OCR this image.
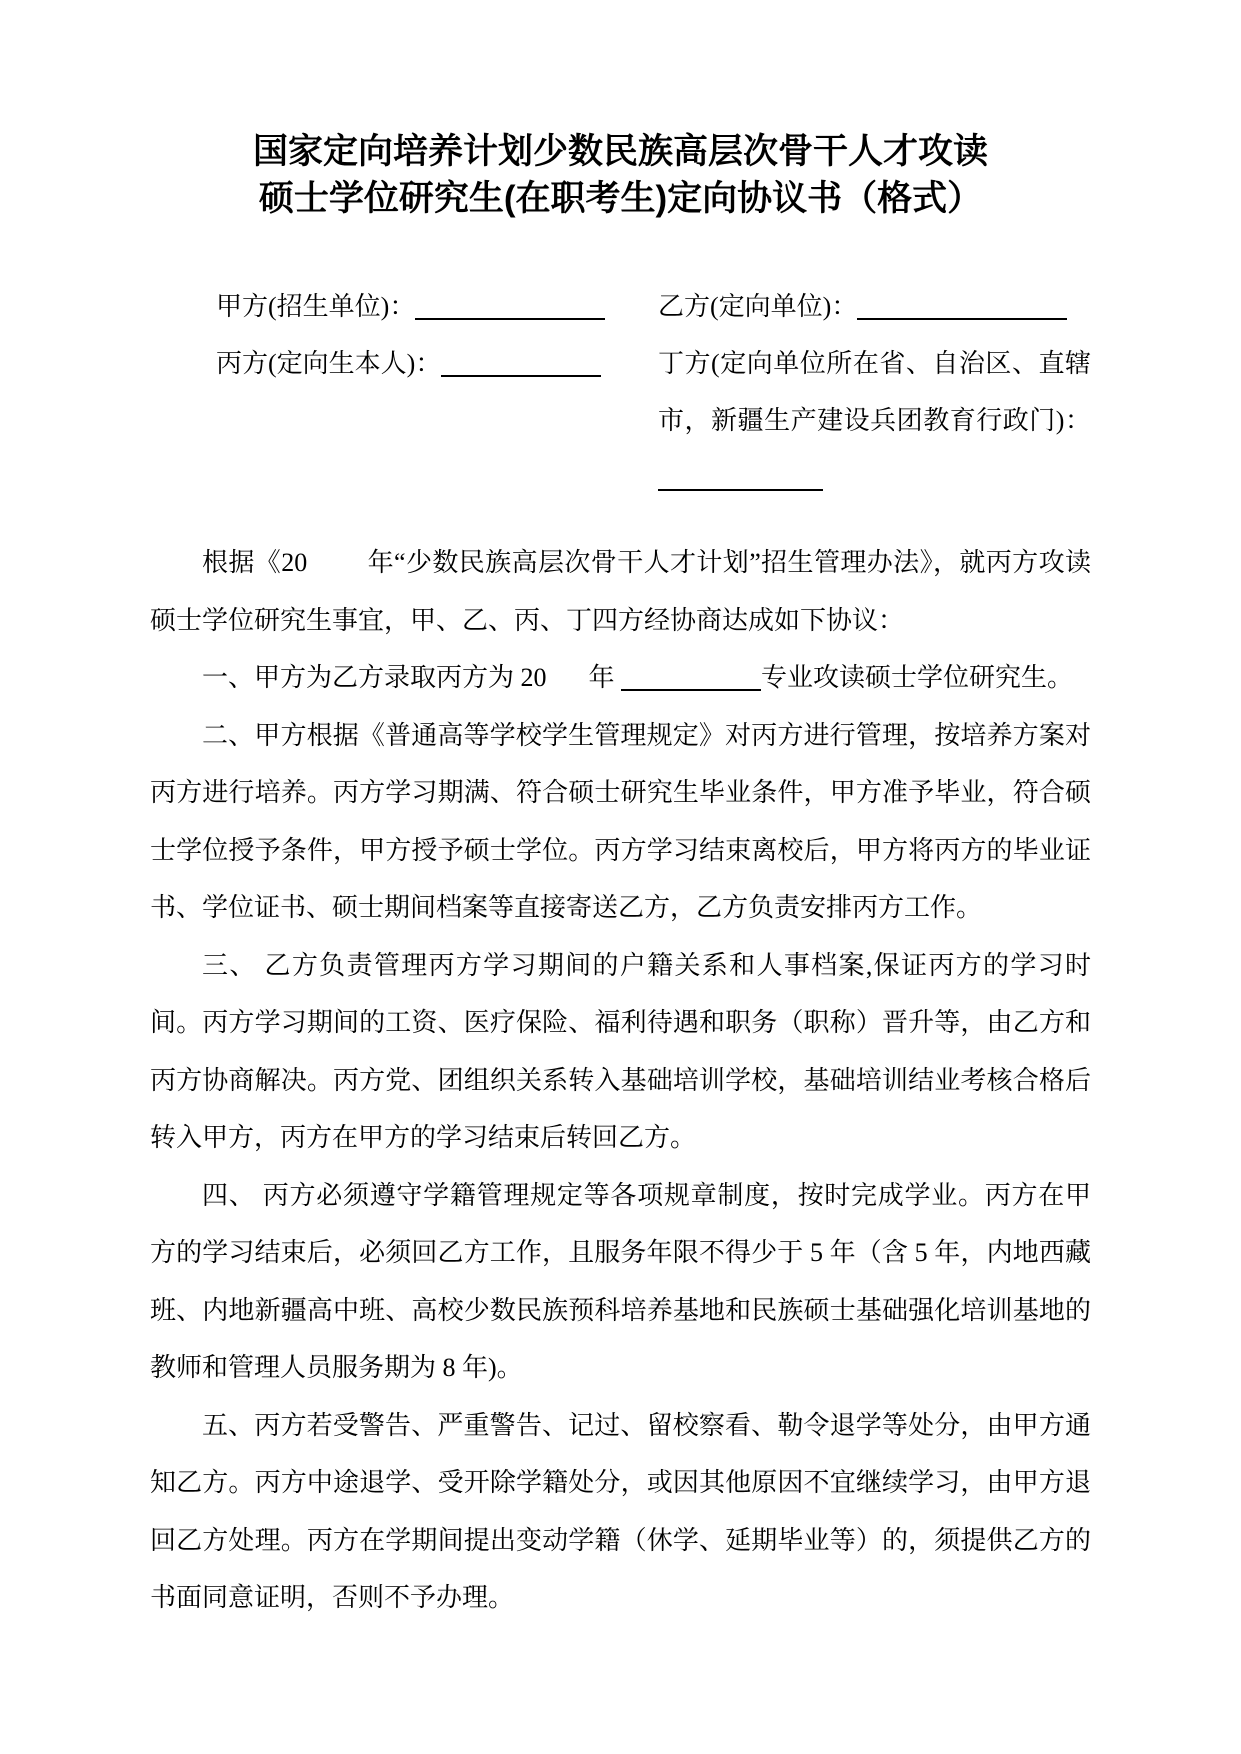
国家定向培养计划少数民族高层次骨干人才攻读
硕士学位研究生(在职考生)定向协议书（格式）

甲方(招生单位)：

丙方(定向生本人)：

乙方(定向单位)：

丁方(定向单位所在省、自治区、直辖市，新疆生产建设兵团教育行政门)：

根据《20 年“少数民族高层次骨干人才计划”招生管理办法》，就丙方攻读硕士学位研究生事宜，甲、乙、丙、丁四方经协商达成如下协议：

一、甲方为乙方录取丙方为 20 年	专业攻读硕士学位研究生。

二、甲方根据《普通高等学校学生管理规定》对丙方进行管理，按培养方案对丙方进行培养。丙方学习期满、符合硕士研究生毕业条件，甲方准予毕业，符合硕士学位授予条件，甲方授予硕士学位。丙方学习结束离校后，甲方将丙方的毕业证书、学位证书、硕士期间档案等直接寄送乙方，乙方负责安排丙方工作。

三、 乙方负责管理丙方学习期间的户籍关系和人事档案,保证丙方的学习时间。丙方学习期间的工资、医疗保险、福利待遇和职务（职称）晋升等，由乙方和丙方协商解决。丙方党、团组织关系转入基础培训学校，基础培训结业考核合格后转入甲方，丙方在甲方的学习结束后转回乙方。

四、 丙方必须遵守学籍管理规定等各项规章制度，按时完成学业。丙方在甲方的学习结束后，必须回乙方工作，且服务年限不得少于 5 年（含 5 年，内地西藏班、内地新疆高中班、高校少数民族预科培养基地和民族硕士基础强化培训基地的教师和管理人员服务期为 8 年)。

五、丙方若受警告、严重警告、记过、留校察看、勒令退学等处分，由甲方通知乙方。丙方中途退学、受开除学籍处分，或因其他原因不宜继续学习，由甲方退回乙方处理。丙方在学期间提出变动学籍（休学、延期毕业等）的，须提供乙方的书面同意证明，否则不予办理。
